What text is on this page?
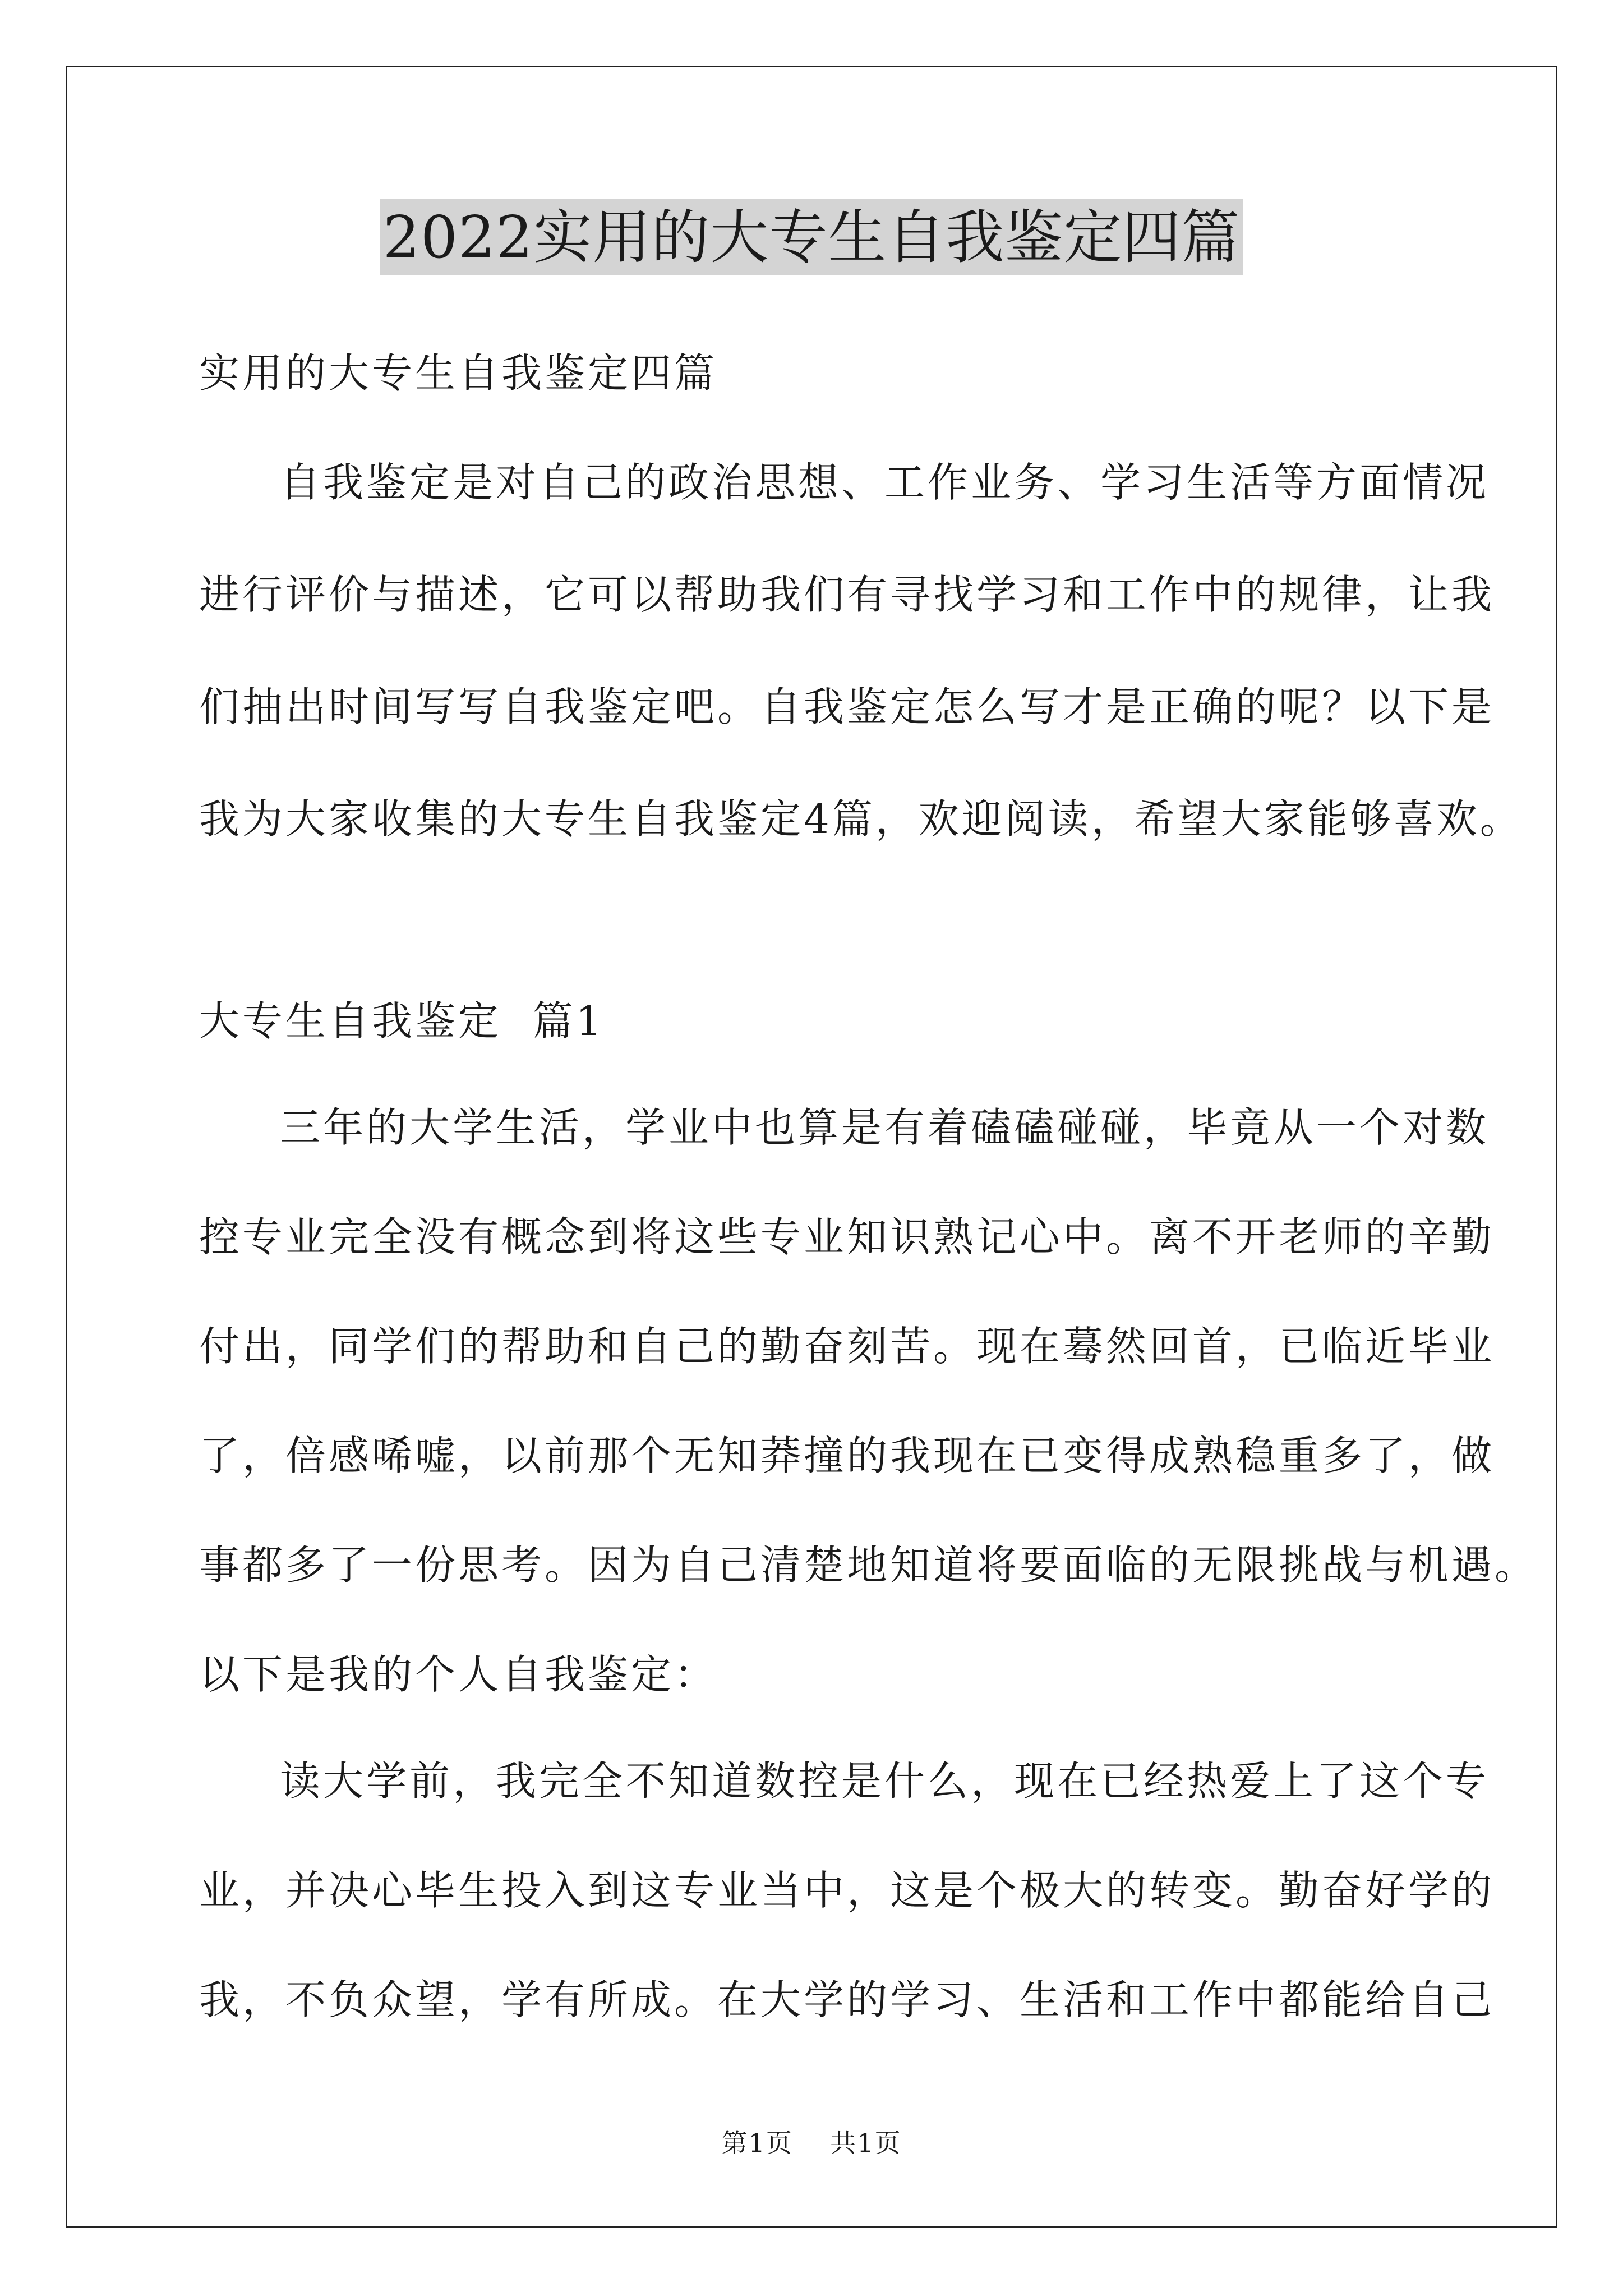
2022实用的大专生自我鉴定四篇
实用的大专生自我鉴定四篇
自我鉴定是对自己的政治思想、工作业务、学习生活等方面情况
进行评价与描述，它可以帮助我们有寻找学习和工作中的规律，让我
们抽出时间写写自我鉴定吧。自我鉴定怎么写才是正确的呢？以下是
我为大家收集的大专生自我鉴定4篇，欢迎阅读，希望大家能够喜欢。
大专生自我鉴定  篇1
三年的大学生活，学业中也算是有着磕磕碰碰，毕竟从一个对数
控专业完全没有概念到将这些专业知识熟记心中。离不开老师的辛勤
付出，同学们的帮助和自己的勤奋刻苦。现在蓦然回首，已临近毕业
了，倍感唏嘘，以前那个无知莽撞的我现在已变得成熟稳重多了，做
事都多了一份思考。因为自己清楚地知道将要面临的无限挑战与机遇。
以下是我的个人自我鉴定：
读大学前，我完全不知道数控是什么，现在已经热爱上了这个专
业，并决心毕生投入到这专业当中，这是个极大的转变。勤奋好学的
我，不负众望，学有所成。在大学的学习、生活和工作中都能给自己
第1页    共1页
